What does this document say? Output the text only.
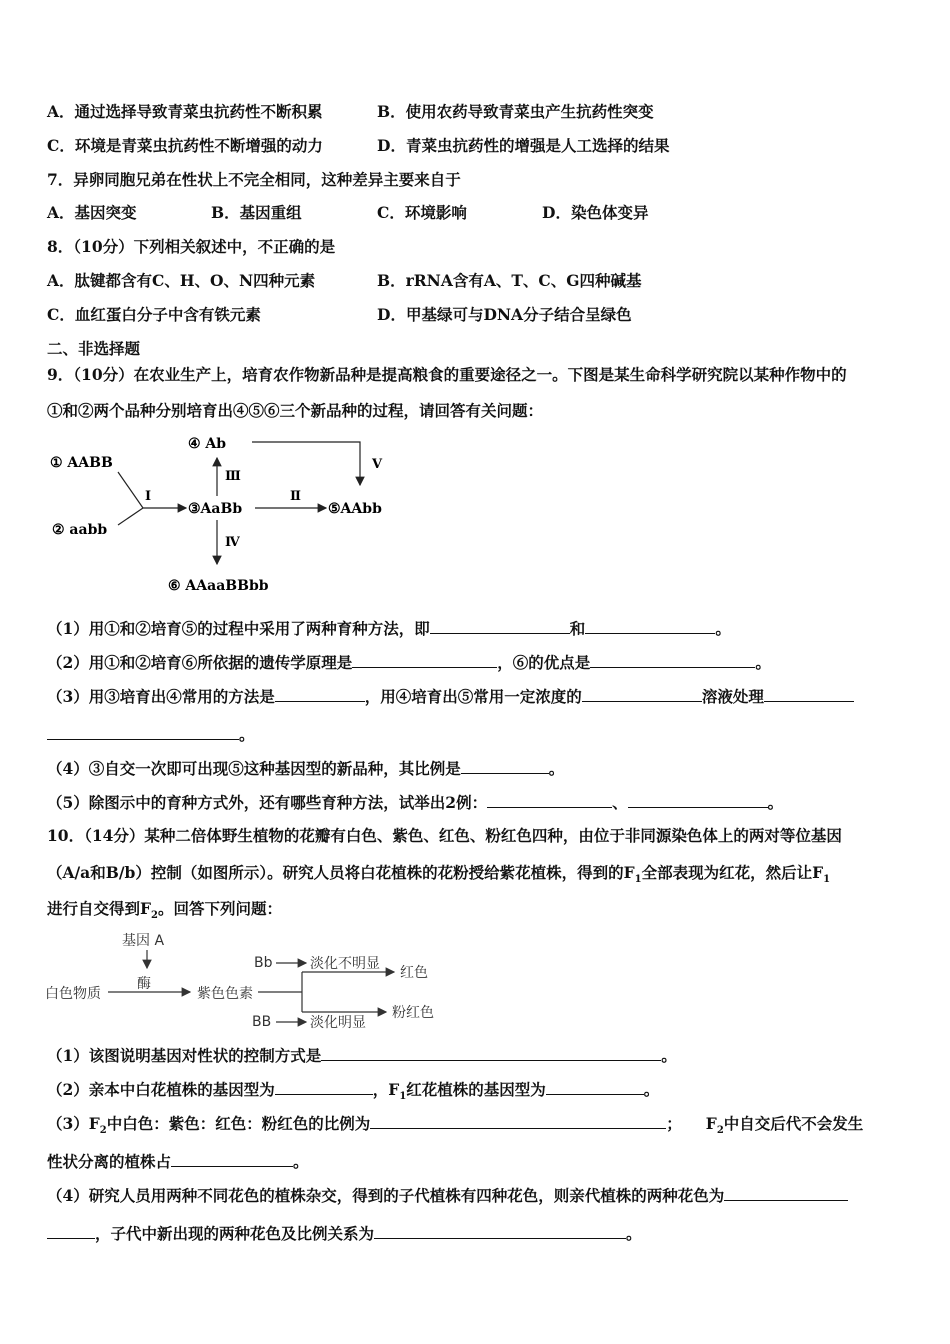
A．通过选择导致青菜虫抗药性不断积累	B．使用农药导致青菜虫产生抗药性突变
C．环境是青菜虫抗药性不断增强的动力	D．青菜虫抗药性的增强是人工选择的结果
7．异卵同胞兄弟在性状上不完全相同，这种差异主要来自于
A．基因突变	B．基因重组	C．环境影响	D．染色体变异
8．（10分）下列相关叙述中，不正确的是
A．肽键都含有C、H、O、N四种元素	B．rRNA含有A、T、C、G四种碱基
C．血红蛋白分子中含有铁元素	D．甲基绿可与DNA分子结合呈绿色
二、非选择题
9．（10分）在农业生产上，培育农作物新品种是提高粮食的重要途径之一。下图是某生命科学研究院以某种作物中的
①和②两个品种分别培育出④⑤⑥三个新品种的过程，请回答有关问题：
① AABB
② aabb
Ⅰ
③AaBb
Ⅱ
⑤AAbb
Ⅲ
④ Ab
Ⅴ
Ⅳ
⑥ AAaaBBbb
（1）用①和②培育⑤的过程中采用了两种育种方法，即	和	。
（2）用①和②培育⑥所依据的遗传学原理是	，⑥的优点是	。
（3）用③培育出④常用的方法是	，用④培育出⑤常用一定浓度的	溶液处理
。
（4）③自交一次即可出现⑤这种基因型的新品种，其比例是	。
（5）除图示中的育种方式外，还有哪些育种方法，试举出2例：	、	。
10．（14分）某种二倍体野生植物的花瓣有白色、紫色、红色、粉红色四种，由位于非同源染色体上的两对等位基因
（A/a和B/b）控制（如图所示）。研究人员将白花植株的花粉授给紫花植株，得到的$F_1$全部表现为红花，然后让$F_1$
进行自交得到$F_2$。回答下列问题：
基因 A
酶
白色物质	紫色色素
Bb	淡化不明显
BB	淡化明显
红色
粉红色
（1）该图说明基因对性状的控制方式是	。
（2）亲本中白花植株的基因型为	，$F_1$红花植株的基因型为	。
$(3)F_2$中白色：紫色：红色：粉红色的比例为	； $F_2$中自交后代不会发生
性状分离的植株占	。
（4）研究人员用两种不同花色的植株杂交，得到的子代植株有四种花色，则亲代植株的两种花色为
，子代中新出现的两种花色及比例关系为	。
